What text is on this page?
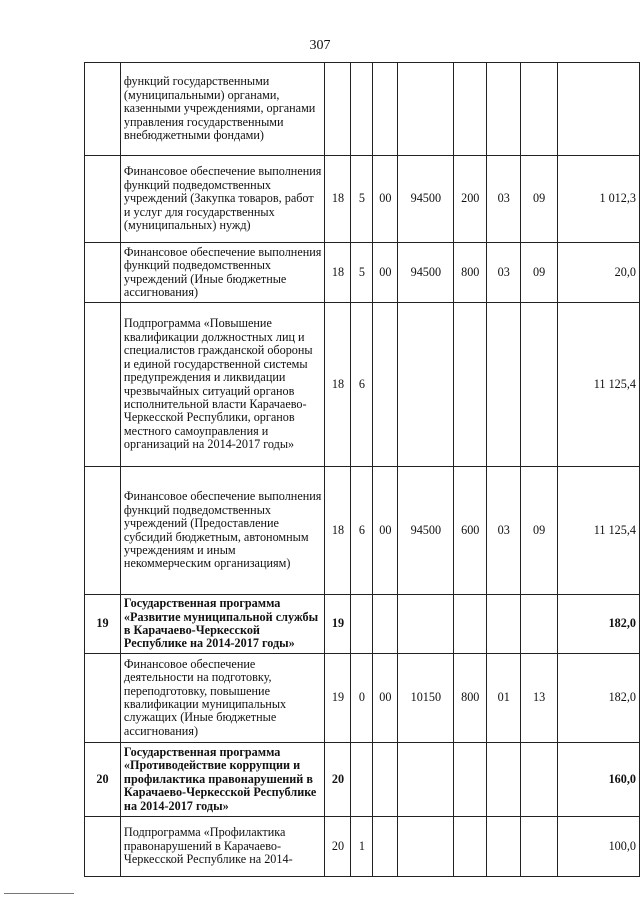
307
	функций государственными (муниципальными) органами, казенными учреждениями, органами управления государственными внебюджетными фондами)								
	Финансовое обеспечение выполнения функций подведомственных учреждений (Закупка товаров, работ и услуг для государственных (муниципальных) нужд)	18	5	00	94500	200	03	09	1 012,3
	Финансовое обеспечение выполнения функций подведомственных учреждений (Иные бюджетные ассигнования)	18	5	00	94500	800	03	09	20,0
	Подпрограмма «Повышение квалификации должностных лиц и специалистов гражданской обороны и единой государственной системы предупреждения и ликвидации чрезвычайных ситуаций органов исполнительной власти Карачаево-Черкесской Республики, органов местного самоуправления и организаций на 2014-2017 годы»	18	6						11 125,4
	Финансовое обеспечение выполнения функций подведомственных учреждений (Предоставление субсидий бюджетным, автономным учреждениям и иным некоммерческим организациям)	18	6	00	94500	600	03	09	11 125,4
19	Государственная программа «Развитие муниципальной службы в Карачаево-Черкесской Республике на 2014-2017 годы»	19							182,0
	Финансовое обеспечение деятельности на подготовку, переподготовку, повышение квалификации муниципальных служащих (Иные бюджетные ассигнования)	19	0	00	10150	800	01	13	182,0
20	Государственная программа «Противодействие коррупции и профилактика правонарушений в Карачаево-Черкесской Республике на 2014-2017 годы»	20							160,0
	Подпрограмма «Профилактика правонарушений в Карачаево-Черкесской Республике на 2014-	20	1						100,0
